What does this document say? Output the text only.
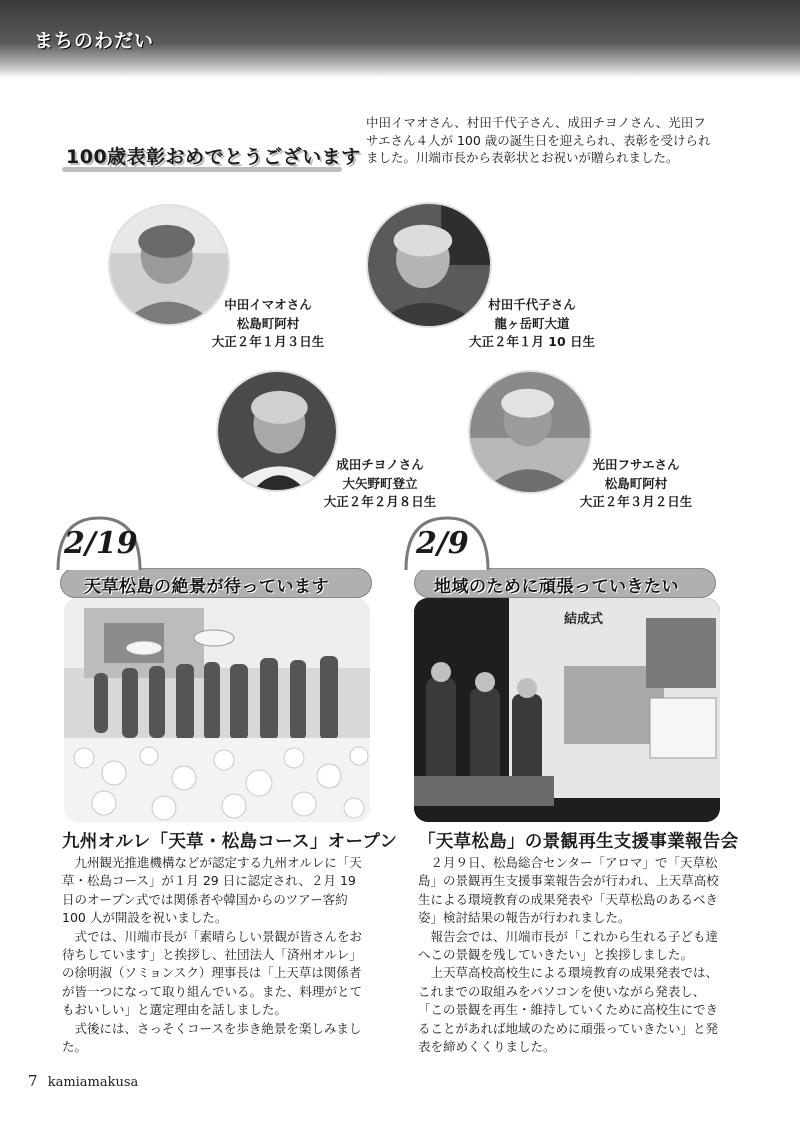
まちのわだい
中田イマオさん、村田千代子さん、成田チヨノさん、光田フサエさん４人が 100 歳の誕生日を迎えられ、表彰を受けられました。川端市長から表彰状とお祝いが贈られました。
100歳表彰おめでとうございます
中田イマオさん
松島町阿村
大正２年１月３日生
村田千代子さん
龍ヶ岳町大道
大正２年１月 10 日生
成田チヨノさん
大矢野町登立
大正２年２月８日生
光田フサエさん
松島町阿村
大正２年３月２日生
2/19
天草松島の絶景が待っています
九州オルレ「天草・松島コース」オープン

九州観光推進機構などが認定する九州オルレに「天草・松島コース」が１月 29 日に認定され、２月 19 日のオープン式では関係者や韓国からのツアー客約 100 人が開設を祝いました。

式では、川端市長が「素晴らしい景観が皆さんをお待ちしています」と挨拶し、社団法人「済州オルレ」の徐明淑（ソミョンスク）理事長は「上天草は関係者が皆一つになって取り組んでいる。また、料理がとてもおいしい」と選定理由を話しました。

式後には、さっそくコースを歩き絶景を楽しみました。

2/9
地域のために頑張っていきたい
結成式
「天草松島」の景観再生支援事業報告会

２月９日、松島総合センター「アロマ」で「天草松島」の景観再生支援事業報告会が行われ、上天草高校生による環境教育の成果発表や「天草松島のあるべき姿」検討結果の報告が行われました。

報告会では、川端市長が「これから生れる子ども達へこの景観を残していきたい」と挨拶しました。

上天草高校高校生による環境教育の成果発表では、これまでの取組みをパソコンを使いながら発表し、「この景観を再生・維持していくために高校生にできることがあれば地域のために頑張っていきたい」と発表を締めくくりました。

7 kamiamakusa
